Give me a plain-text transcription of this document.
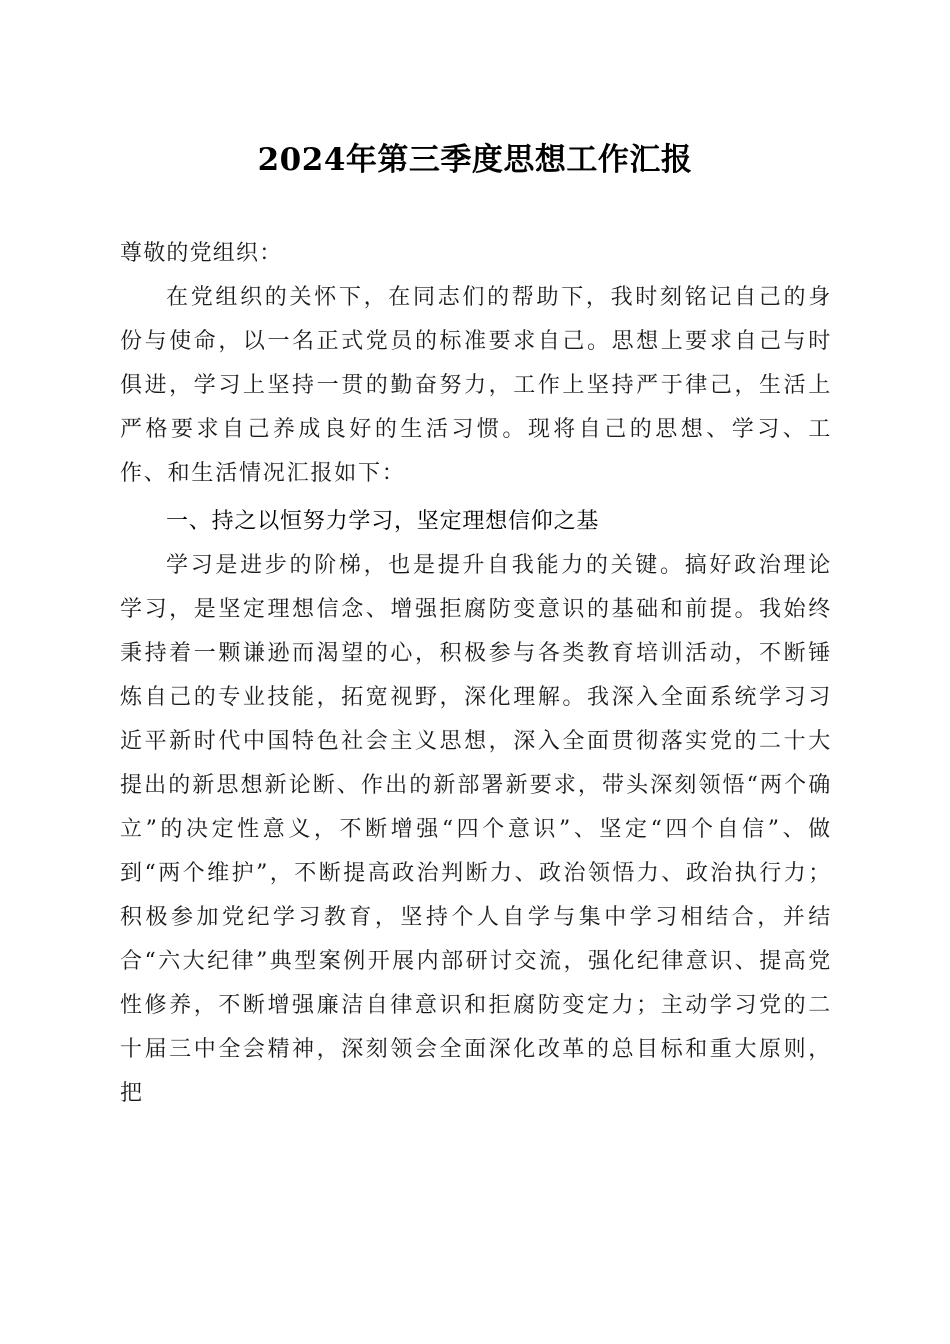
2024年第三季度思想工作汇报
尊敬的党组织：
在党组织的关怀下，在同志们的帮助下，我时刻铭记自己的身份与使命，以一名正式党员的标准要求自己。思想上要求自己与时俱进，学习上坚持一贯的勤奋努力，工作上坚持严于律己，生活上严格要求自己养成良好的生活习惯。现将自己的思想、学习、工作、和生活情况汇报如下：
一、持之以恒努力学习，坚定理想信仰之基
学习是进步的阶梯，也是提升自我能力的关键。搞好政治理论学习，是坚定理想信念、增强拒腐防变意识的基础和前提。我始终秉持着一颗谦逊而渴望的心，积极参与各类教育培训活动，不断锤炼自己的专业技能，拓宽视野，深化理解。我深入全面系统学习习近平新时代中国特色社会主义思想，深入全面贯彻落实党的二十大提出的新思想新论断、作出的新部署新要求，带头深刻领悟“两个确立”的决定性意义，不断增强“四个意识”、坚定“四个自信”、做到“两个维护”，不断提高政治判断力、政治领悟力、政治执行力；积极参加党纪学习教育，坚持个人自学与集中学习相结合，并结合“六大纪律”典型案例开展内部研讨交流，强化纪律意识、提高党性修养，不断增强廉洁自律意识和拒腐防变定力；主动学习党的二十届三中全会精神，深刻领会全面深化改革的总目标和重大原则，把
